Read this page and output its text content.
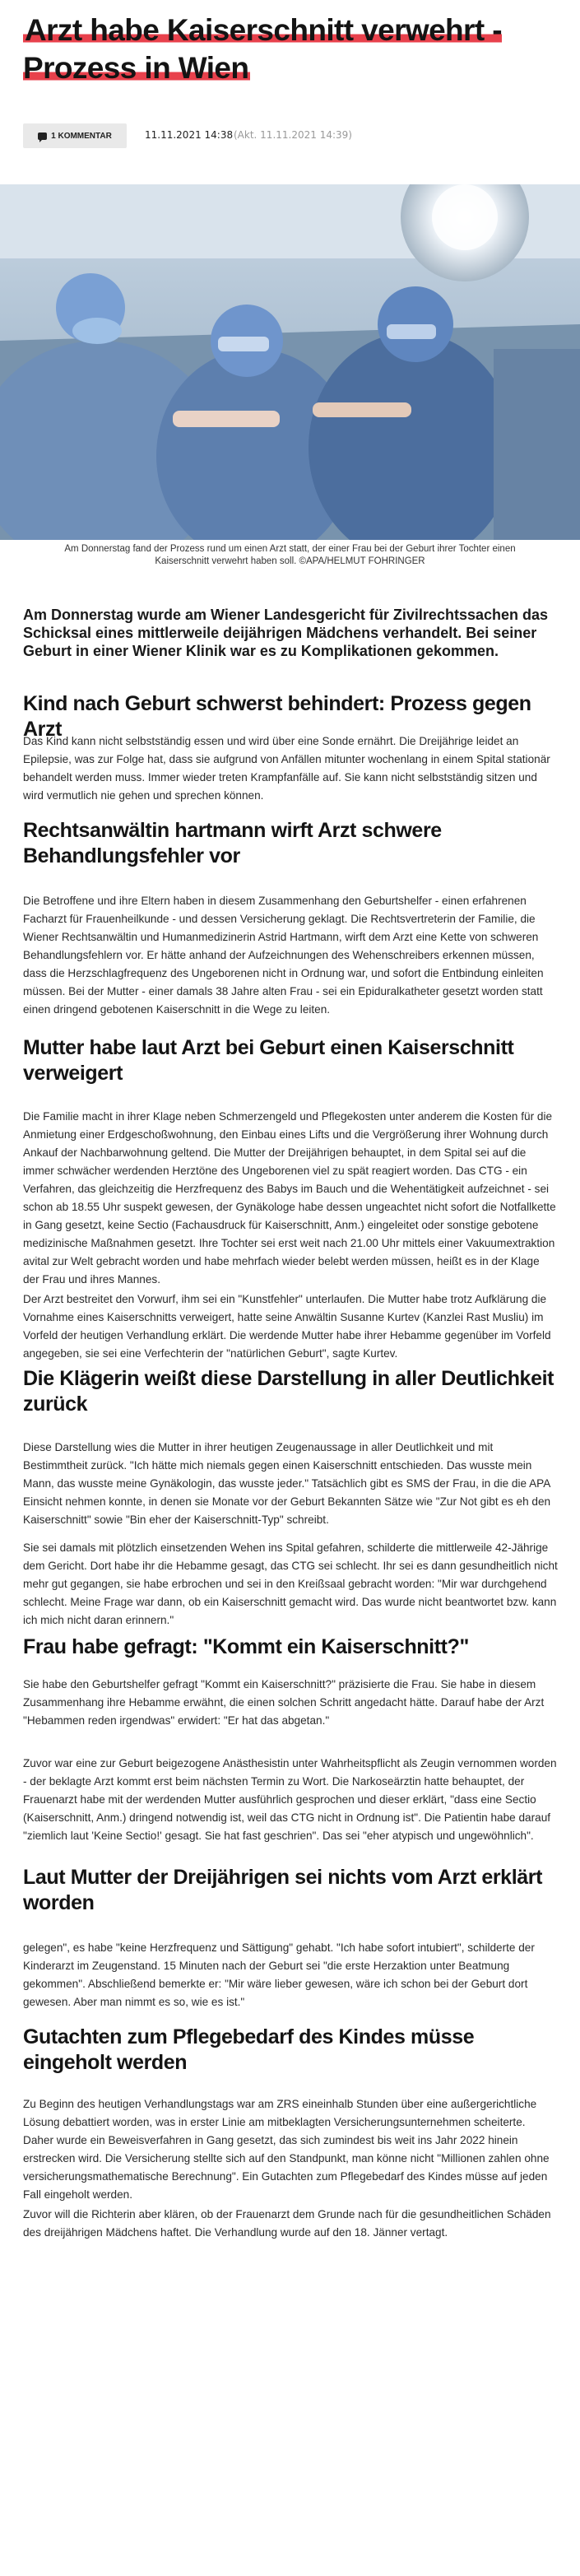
Arzt habe Kaiserschnitt verwehrt - Prozess in Wien
1 KOMMENTAR	11.11.2021 14:38 (Akt. 11.11.2021 14:39)
Am Donnerstag fand der Prozess rund um einen Arzt statt, der einer Frau bei der Geburt ihrer Tochter einen
Kaiserschnitt verwehrt haben soll. ©APA/HELMUT FOHRINGER

Am Donnerstag wurde am Wiener Landesgericht für Zivilrechtssachen das Schicksal eines mittlerweile deijährigen Mädchens verhandelt. Bei seiner Geburt in einer Wiener Klinik war es zu Komplikationen gekommen.

Kind nach Geburt schwerst behindert: Prozess gegen Arzt

Das Kind kann nicht selbstständig essen und wird über eine Sonde ernährt. Die Dreijährige leidet an Epilepsie, was zur Folge hat, dass sie aufgrund von Anfällen mitunter wochenlang in einem Spital stationär behandelt werden muss. Immer wieder treten Krampfanfälle auf. Sie kann nicht selbstständig sitzen und wird vermutlich nie gehen und sprechen können.

Rechtsanwältin hartmann wirft Arzt schwere Behandlungsfehler vor

Die Betroffene und ihre Eltern haben in diesem Zusammenhang den Geburtshelfer - einen erfahrenen Facharzt für Frauenheilkunde - und dessen Versicherung geklagt. Die Rechtsvertreterin der Familie, die Wiener Rechtsanwältin und Humanmedizinerin Astrid Hartmann, wirft dem Arzt eine Kette von schweren Behandlungsfehlern vor. Er hätte anhand der Aufzeichnungen des Wehenschreibers erkennen müssen, dass die Herzschlagfrequenz des Ungeborenen nicht in Ordnung war, und sofort die Entbindung einleiten müssen. Bei der Mutter - einer damals 38 Jahre alten Frau - sei ein Epiduralkatheter gesetzt worden statt einen dringend gebotenen Kaiserschnitt in die Wege zu leiten.

Mutter habe laut Arzt bei Geburt einen Kaiserschnitt verweigert

Die Familie macht in ihrer Klage neben Schmerzengeld und Pflegekosten unter anderem die Kosten für die Anmietung einer Erdgeschoßwohnung, den Einbau eines Lifts und die Vergrößerung ihrer Wohnung durch Ankauf der Nachbarwohnung geltend. Die Mutter der Dreijährigen behauptet, in dem Spital sei auf die immer schwächer werdenden Herztöne des Ungeborenen viel zu spät reagiert worden. Das CTG - ein Verfahren, das gleichzeitig die Herzfrequenz des Babys im Bauch und die Wehentätigkeit aufzeichnet - sei schon ab 18.55 Uhr suspekt gewesen, der Gynäkologe habe dessen ungeachtet nicht sofort die Notfallkette in Gang gesetzt, keine Sectio (Fachausdruck für Kaiserschnitt, Anm.) eingeleitet oder sonstige gebotene medizinische Maßnahmen gesetzt. Ihre Tochter sei erst weit nach 21.00 Uhr mittels einer Vakuumextraktion avital zur Welt gebracht worden und habe mehrfach wieder belebt werden müssen, heißt es in der Klage der Frau und ihres Mannes.

Der Arzt bestreitet den Vorwurf, ihm sei ein "Kunstfehler" unterlaufen. Die Mutter habe trotz Aufklärung die Vornahme eines Kaiserschnitts verweigert, hatte seine Anwältin Susanne Kurtev (Kanzlei Rast Musliu) im Vorfeld der heutigen Verhandlung erklärt. Die werdende Mutter habe ihrer Hebamme gegenüber im Vorfeld angegeben, sie sei eine Verfechterin der "natürlichen Geburt", sagte Kurtev.

Die Klägerin weißt diese Darstellung in aller Deutlichkeit zurück

Diese Darstellung wies die Mutter in ihrer heutigen Zeugenaussage in aller Deutlichkeit und mit Bestimmtheit zurück. "Ich hätte mich niemals gegen einen Kaiserschnitt entschieden. Das wusste mein Mann, das wusste meine Gynäkologin, das wusste jeder." Tatsächlich gibt es SMS der Frau, in die die APA Einsicht nehmen konnte, in denen sie Monate vor der Geburt Bekannten Sätze wie "Zur Not gibt es eh den Kaiserschnitt" sowie "Bin eher der Kaiserschnitt-Typ" schreibt.

Sie sei damals mit plötzlich einsetzenden Wehen ins Spital gefahren, schilderte die mittlerweile 42-Jährige dem Gericht. Dort habe ihr die Hebamme gesagt, das CTG sei schlecht. Ihr sei es dann gesundheitlich nicht mehr gut gegangen, sie habe erbrochen und sei in den Kreißsaal gebracht worden: "Mir war durchgehend schlecht. Meine Frage war dann, ob ein Kaiserschnitt gemacht wird. Das wurde nicht beantwortet bzw. kann ich mich nicht daran erinnern."

Frau habe gefragt: "Kommt ein Kaiserschnitt?"

Sie habe den Geburtshelfer gefragt "Kommt ein Kaiserschnitt?" präzisierte die Frau. Sie habe in diesem Zusammenhang ihre Hebamme erwähnt, die einen solchen Schritt angedacht hätte. Darauf habe der Arzt "Hebammen reden irgendwas" erwidert: "Er hat das abgetan."

Zuvor war eine zur Geburt beigezogene Anästhesistin unter Wahrheitspflicht als Zeugin vernommen worden - der beklagte Arzt kommt erst beim nächsten Termin zu Wort. Die Narkoseärztin hatte behauptet, der Frauenarzt habe mit der werdenden Mutter ausführlich gesprochen und dieser erklärt, "dass eine Sectio (Kaiserschnitt, Anm.) dringend notwendig ist, weil das CTG nicht in Ordnung ist". Die Patientin habe darauf "ziemlich laut 'Keine Sectio!' gesagt. Sie hat fast geschrien". Das sei "eher atypisch und ungewöhnlich".

Laut Mutter der Dreijährigen sei nichts vom Arzt erklärt worden

gelegen", es habe "keine Herzfrequenz und Sättigung" gehabt. "Ich habe sofort intubiert", schilderte der Kinderarzt im Zeugenstand. 15 Minuten nach der Geburt sei "die erste Herzaktion unter Beatmung gekommen". Abschließend bemerkte er: "Mir wäre lieber gewesen, wäre ich schon bei der Geburt dort gewesen. Aber man nimmt es so, wie es ist."

Gutachten zum Pflegebedarf des Kindes müsse eingeholt werden

Zu Beginn des heutigen Verhandlungstags war am ZRS eineinhalb Stunden über eine außergerichtliche Lösung debattiert worden, was in erster Linie am mitbeklagten Versicherungsunternehmen scheiterte. Daher wurde ein Beweisverfahren in Gang gesetzt, das sich zumindest bis weit ins Jahr 2022 hinein erstrecken wird. Die Versicherung stellte sich auf den Standpunkt, man könne nicht "Millionen zahlen ohne versicherungsmathematische Berechnung". Ein Gutachten zum Pflegebedarf des Kindes müsse auf jeden Fall eingeholt werden.

Zuvor will die Richterin aber klären, ob der Frauenarzt dem Grunde nach für die gesundheitlichen Schäden des dreijährigen Mädchens haftet. Die Verhandlung wurde auf den 18. Jänner vertagt.
